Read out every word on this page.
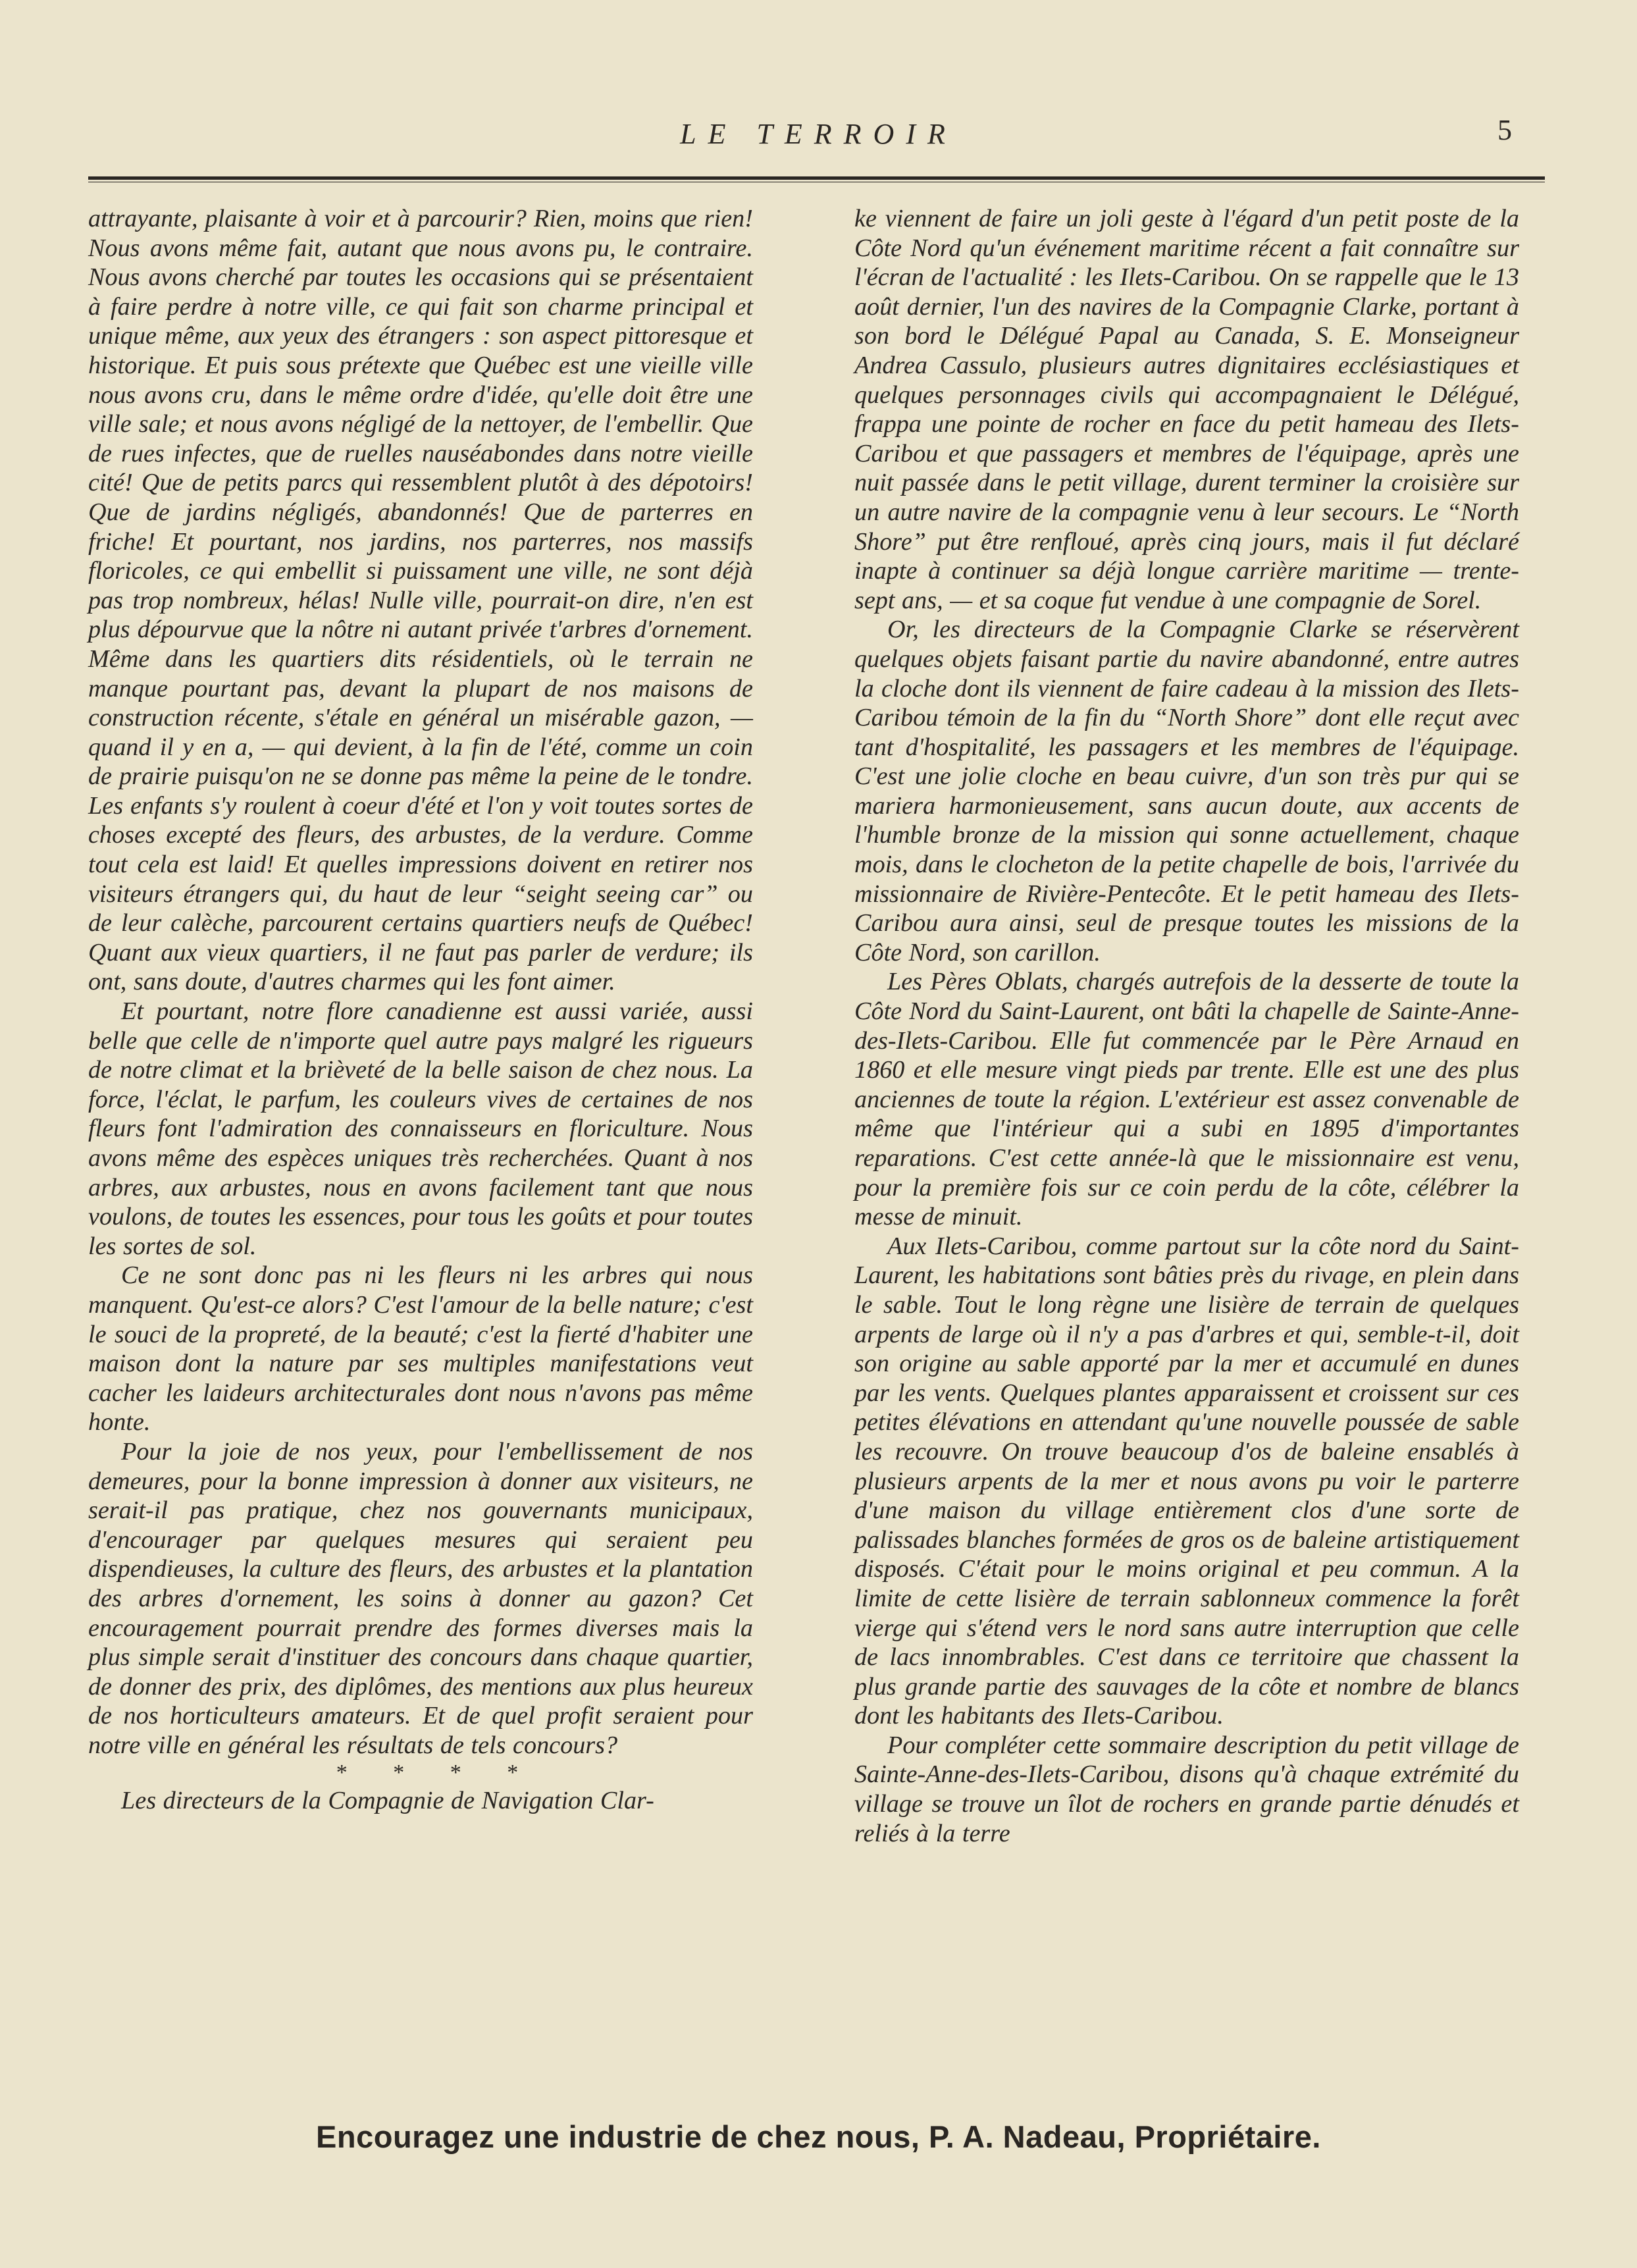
LE TERROIR	5

attrayante, plaisante à voir et à parcourir? Rien, moins que rien! Nous avons même fait, autant que nous avons pu, le contraire. Nous avons cherché par toutes les occasions qui se présentaient à faire perdre à notre ville, ce qui fait son charme principal et unique même, aux yeux des étrangers : son aspect pittoresque et historique. Et puis sous prétexte que Québec est une vieille ville nous avons cru, dans le même ordre d'idée, qu'elle doit être une ville sale; et nous avons négligé de la nettoyer, de l'embellir. Que de rues infectes, que de ruelles nauséabondes dans notre vieille cité! Que de petits parcs qui ressemblent plutôt à des dépotoirs! Que de jardins négligés, abandonnés! Que de parterres en friche! Et pourtant, nos jardins, nos parterres, nos massifs floricoles, ce qui embellit si puissament une ville, ne sont déjà pas trop nombreux, hélas! Nulle ville, pourrait-on dire, n'en est plus dépourvue que la nôtre ni autant privée t'arbres d'ornement. Même dans les quartiers dits résidentiels, où le terrain ne manque pourtant pas, devant la plupart de nos maisons de construction récente, s'étale en général un misérable gazon, — quand il y en a, — qui devient, à la fin de l'été, comme un coin de prairie puisqu'on ne se donne pas même la peine de le tondre. Les enfants s'y roulent à coeur d'été et l'on y voit toutes sortes de choses excepté des fleurs, des arbustes, de la verdure. Comme tout cela est laid! Et quelles impressions doivent en retirer nos visiteurs étrangers qui, du haut de leur “seight seeing car” ou de leur calèche, parcourent certains quartiers neufs de Québec! Quant aux vieux quartiers, il ne faut pas parler de verdure; ils ont, sans doute, d'autres charmes qui les font aimer.

Et pourtant, notre flore canadienne est aussi variée, aussi belle que celle de n'importe quel autre pays malgré les rigueurs de notre climat et la brièveté de la belle saison de chez nous. La force, l'éclat, le parfum, les couleurs vives de certaines de nos fleurs font l'admiration des connaisseurs en floriculture. Nous avons même des espèces uniques très recherchées. Quant à nos arbres, aux arbustes, nous en avons facilement tant que nous voulons, de toutes les essences, pour tous les goûts et pour toutes les sortes de sol.

Ce ne sont donc pas ni les fleurs ni les arbres qui nous manquent. Qu'est-ce alors? C'est l'amour de la belle nature; c'est le souci de la propreté, de la beauté; c'est la fierté d'habiter une maison dont la nature par ses multiples manifestations veut cacher les laideurs architecturales dont nous n'avons pas même honte.

Pour la joie de nos yeux, pour l'embellissement de nos demeures, pour la bonne impression à donner aux visiteurs, ne serait-il pas pratique, chez nos gouvernants municipaux, d'encourager par quelques mesures qui seraient peu dispendieuses, la culture des fleurs, des arbustes et la plantation des arbres d'ornement, les soins à donner au gazon? Cet encouragement pourrait prendre des formes diverses mais la plus simple serait d'instituer des concours dans chaque quartier, de donner des prix, des diplômes, des mentions aux plus heureux de nos horticulteurs amateurs. Et de quel profit seraient pour notre ville en général les résultats de tels concours?

* * * *

Les directeurs de la Compagnie de Navigation Clar-

ke viennent de faire un joli geste à l'égard d'un petit poste de la Côte Nord qu'un événement maritime récent a fait connaître sur l'écran de l'actualité : les Ilets-Caribou. On se rappelle que le 13 août dernier, l'un des navires de la Compagnie Clarke, portant à son bord le Délégué Papal au Canada, S. E. Monseigneur Andrea Cassulo, plusieurs autres dignitaires ecclésiastiques et quelques personnages civils qui accompagnaient le Délégué, frappa une pointe de rocher en face du petit hameau des Ilets-Caribou et que passagers et membres de l'équipage, après une nuit passée dans le petit village, durent terminer la croisière sur un autre navire de la compagnie venu à leur secours. Le “North Shore” put être renfloué, après cinq jours, mais il fut déclaré inapte à continuer sa déjà longue carrière maritime — trente-sept ans, — et sa coque fut vendue à une compagnie de Sorel.

Or, les directeurs de la Compagnie Clarke se réservèrent quelques objets faisant partie du navire abandonné, entre autres la cloche dont ils viennent de faire cadeau à la mission des Ilets-Caribou témoin de la fin du “North Shore” dont elle reçut avec tant d'hospitalité, les passagers et les membres de l'équipage. C'est une jolie cloche en beau cuivre, d'un son très pur qui se mariera harmonieusement, sans aucun doute, aux accents de l'humble bronze de la mission qui sonne actuellement, chaque mois, dans le clocheton de la petite chapelle de bois, l'arrivée du missionnaire de Rivière-Pentecôte. Et le petit hameau des Ilets-Caribou aura ainsi, seul de presque toutes les missions de la Côte Nord, son carillon.

Les Pères Oblats, chargés autrefois de la desserte de toute la Côte Nord du Saint-Laurent, ont bâti la chapelle de Sainte-Anne-des-Ilets-Caribou. Elle fut commencée par le Père Arnaud en 1860 et elle mesure vingt pieds par trente. Elle est une des plus anciennes de toute la région. L'extérieur est assez convenable de même que l'intérieur qui a subi en 1895 d'importantes reparations. C'est cette année-là que le missionnaire est venu, pour la première fois sur ce coin perdu de la côte, célébrer la messe de minuit.

Aux Ilets-Caribou, comme partout sur la côte nord du Saint-Laurent, les habitations sont bâties près du rivage, en plein dans le sable. Tout le long règne une lisière de terrain de quelques arpents de large où il n'y a pas d'arbres et qui, semble-t-il, doit son origine au sable apporté par la mer et accumulé en dunes par les vents. Quelques plantes apparaissent et croissent sur ces petites élévations en attendant qu'une nouvelle poussée de sable les recouvre. On trouve beaucoup d'os de baleine ensablés à plusieurs arpents de la mer et nous avons pu voir le parterre d'une maison du village entièrement clos d'une sorte de palissades blanches formées de gros os de baleine artistiquement disposés. C'était pour le moins original et peu commun. A la limite de cette lisière de terrain sablonneux commence la forêt vierge qui s'étend vers le nord sans autre interruption que celle de lacs innombrables. C'est dans ce territoire que chassent la plus grande partie des sauvages de la côte et nombre de blancs dont les habitants des Ilets-Caribou.

Pour compléter cette sommaire description du petit village de Sainte-Anne-des-Ilets-Caribou, disons qu'à chaque extrémité du village se trouve un îlot de rochers en grande partie dénudés et reliés à la terre

Encouragez une industrie de chez nous, P. A. Nadeau, Propriétaire.
